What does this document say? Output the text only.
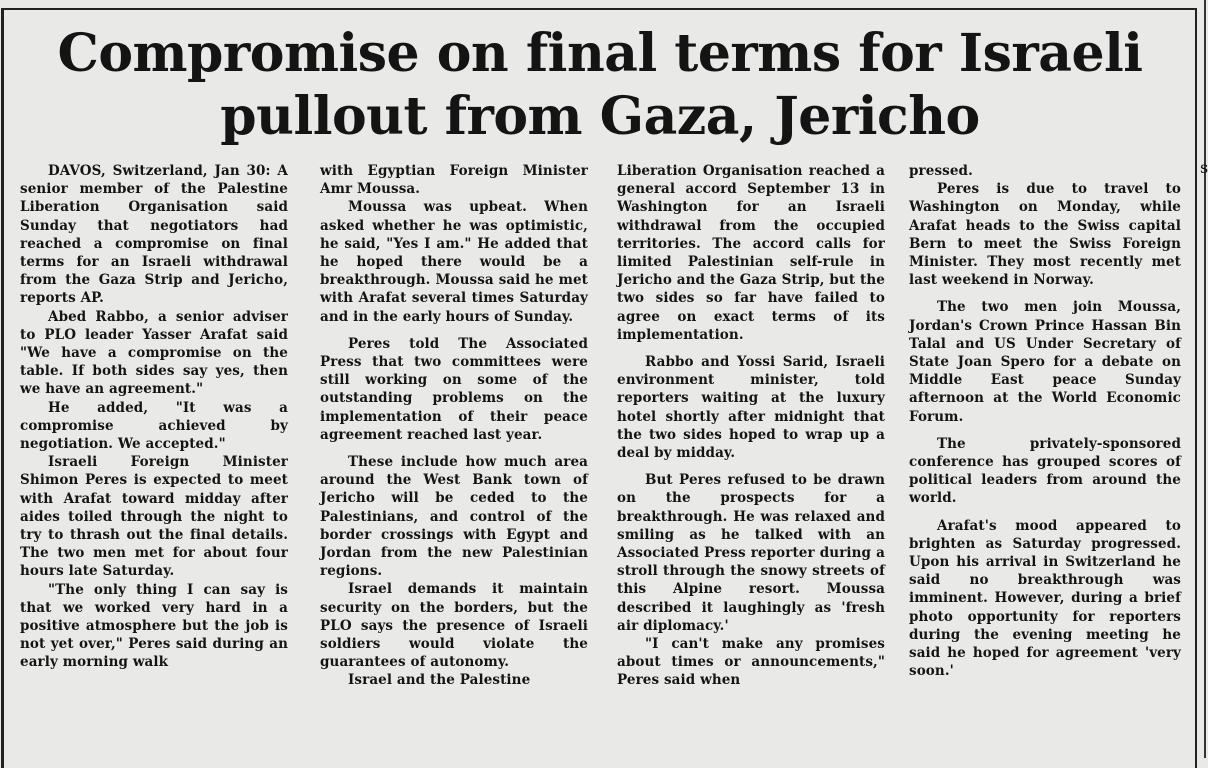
s
Compromise on final terms for Israeli
pullout from Gaza, Jericho

DAVOS, Switzerland, Jan 30: A senior member of the Palestine Liberation Organisation said Sunday that negotiators had reached a compromise on final terms for an Israeli withdrawal from the Gaza Strip and Jericho, reports AP.

Abed Rabbo, a senior adviser to PLO leader Yasser Arafat said "We have a compromise on the table. If both sides say yes, then we have an agreement."

He added, "It was a compromise achieved by negotiation. We accepted."

Israeli Foreign Minister Shimon Peres is expected to meet with Arafat toward midday after aides toiled through the night to try to thrash out the final details. The two men met for about four hours late Saturday.

"The only thing I can say is that we worked very hard in a positive atmosphere but the job is not yet over," Peres said during an early morning walk

with Egyptian Foreign Minister Amr Moussa.

Moussa was upbeat. When asked whether he was optimistic, he said, "Yes I am." He added that he hoped there would be a breakthrough. Moussa said he met with Arafat several times Saturday and in the early hours of Sunday.

Peres told The Associated Press that two committees were still working on some of the outstanding problems on the implementation of their peace agreement reached last year.

These include how much area around the West Bank town of Jericho will be ceded to the Palestinians, and control of the border crossings with Egypt and Jordan from the new Palestinian regions.

Israel demands it maintain security on the borders, but the PLO says the presence of Israeli soldiers would violate the guarantees of autonomy.

Israel and the Palestine

Liberation Organisation reached a general accord September 13 in Washington for an Israeli withdrawal from the occupied territories. The accord calls for limited Palestinian self-rule in Jericho and the Gaza Strip, but the two sides so far have failed to agree on exact terms of its implementation.

Rabbo and Yossi Sarid, Israeli environment minister, told reporters waiting at the luxury hotel shortly after midnight that the two sides hoped to wrap up a deal by midday.

But Peres refused to be drawn on the prospects for a breakthrough. He was relaxed and smiling as he talked with an Associated Press reporter during a stroll through the snowy streets of this Alpine resort. Moussa described it laughingly as 'fresh air diplomacy.'

"I can't make any promises about times or announcements," Peres said when

pressed.

Peres is due to travel to Washington on Monday, while Arafat heads to the Swiss capital Bern to meet the Swiss Foreign Minister. They most recently met last weekend in Norway.

The two men join Moussa, Jordan's Crown Prince Hassan Bin Talal and US Under Secretary of State Joan Spero for a debate on Middle East peace Sunday afternoon at the World Economic Forum.

The privately-sponsored conference has grouped scores of political leaders from around the world.

Arafat's mood appeared to brighten as Saturday progressed. Upon his arrival in Switzerland he said no breakthrough was imminent. However, during a brief photo opportunity for reporters during the evening meeting he said he hoped for agreement 'very soon.'
